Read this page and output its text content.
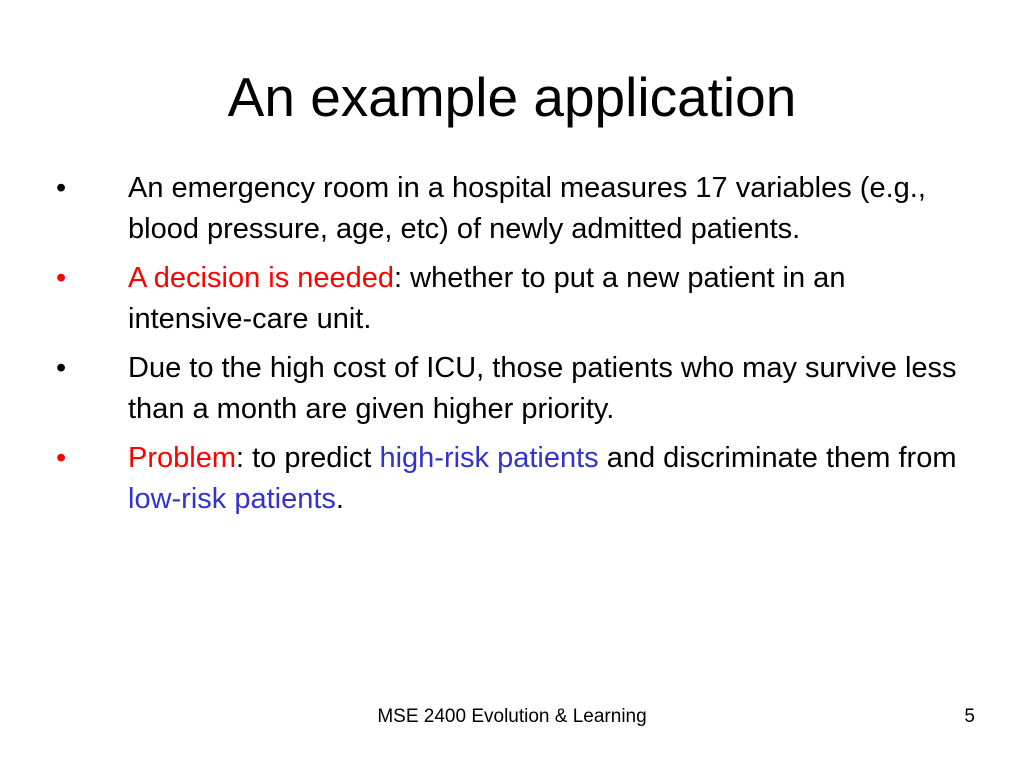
An example application
•	An emergency room in a hospital measures 17 variables (e.g., blood pressure, age, etc) of newly admitted patients.
•	A decision is needed: whether to put a new patient in an intensive-care unit.
•	Due to the high cost of ICU, those patients who may survive less than a month are given higher priority.
•	Problem: to predict high-risk patients and discriminate them from low-risk patients.
MSE 2400 Evolution & Learning	5
